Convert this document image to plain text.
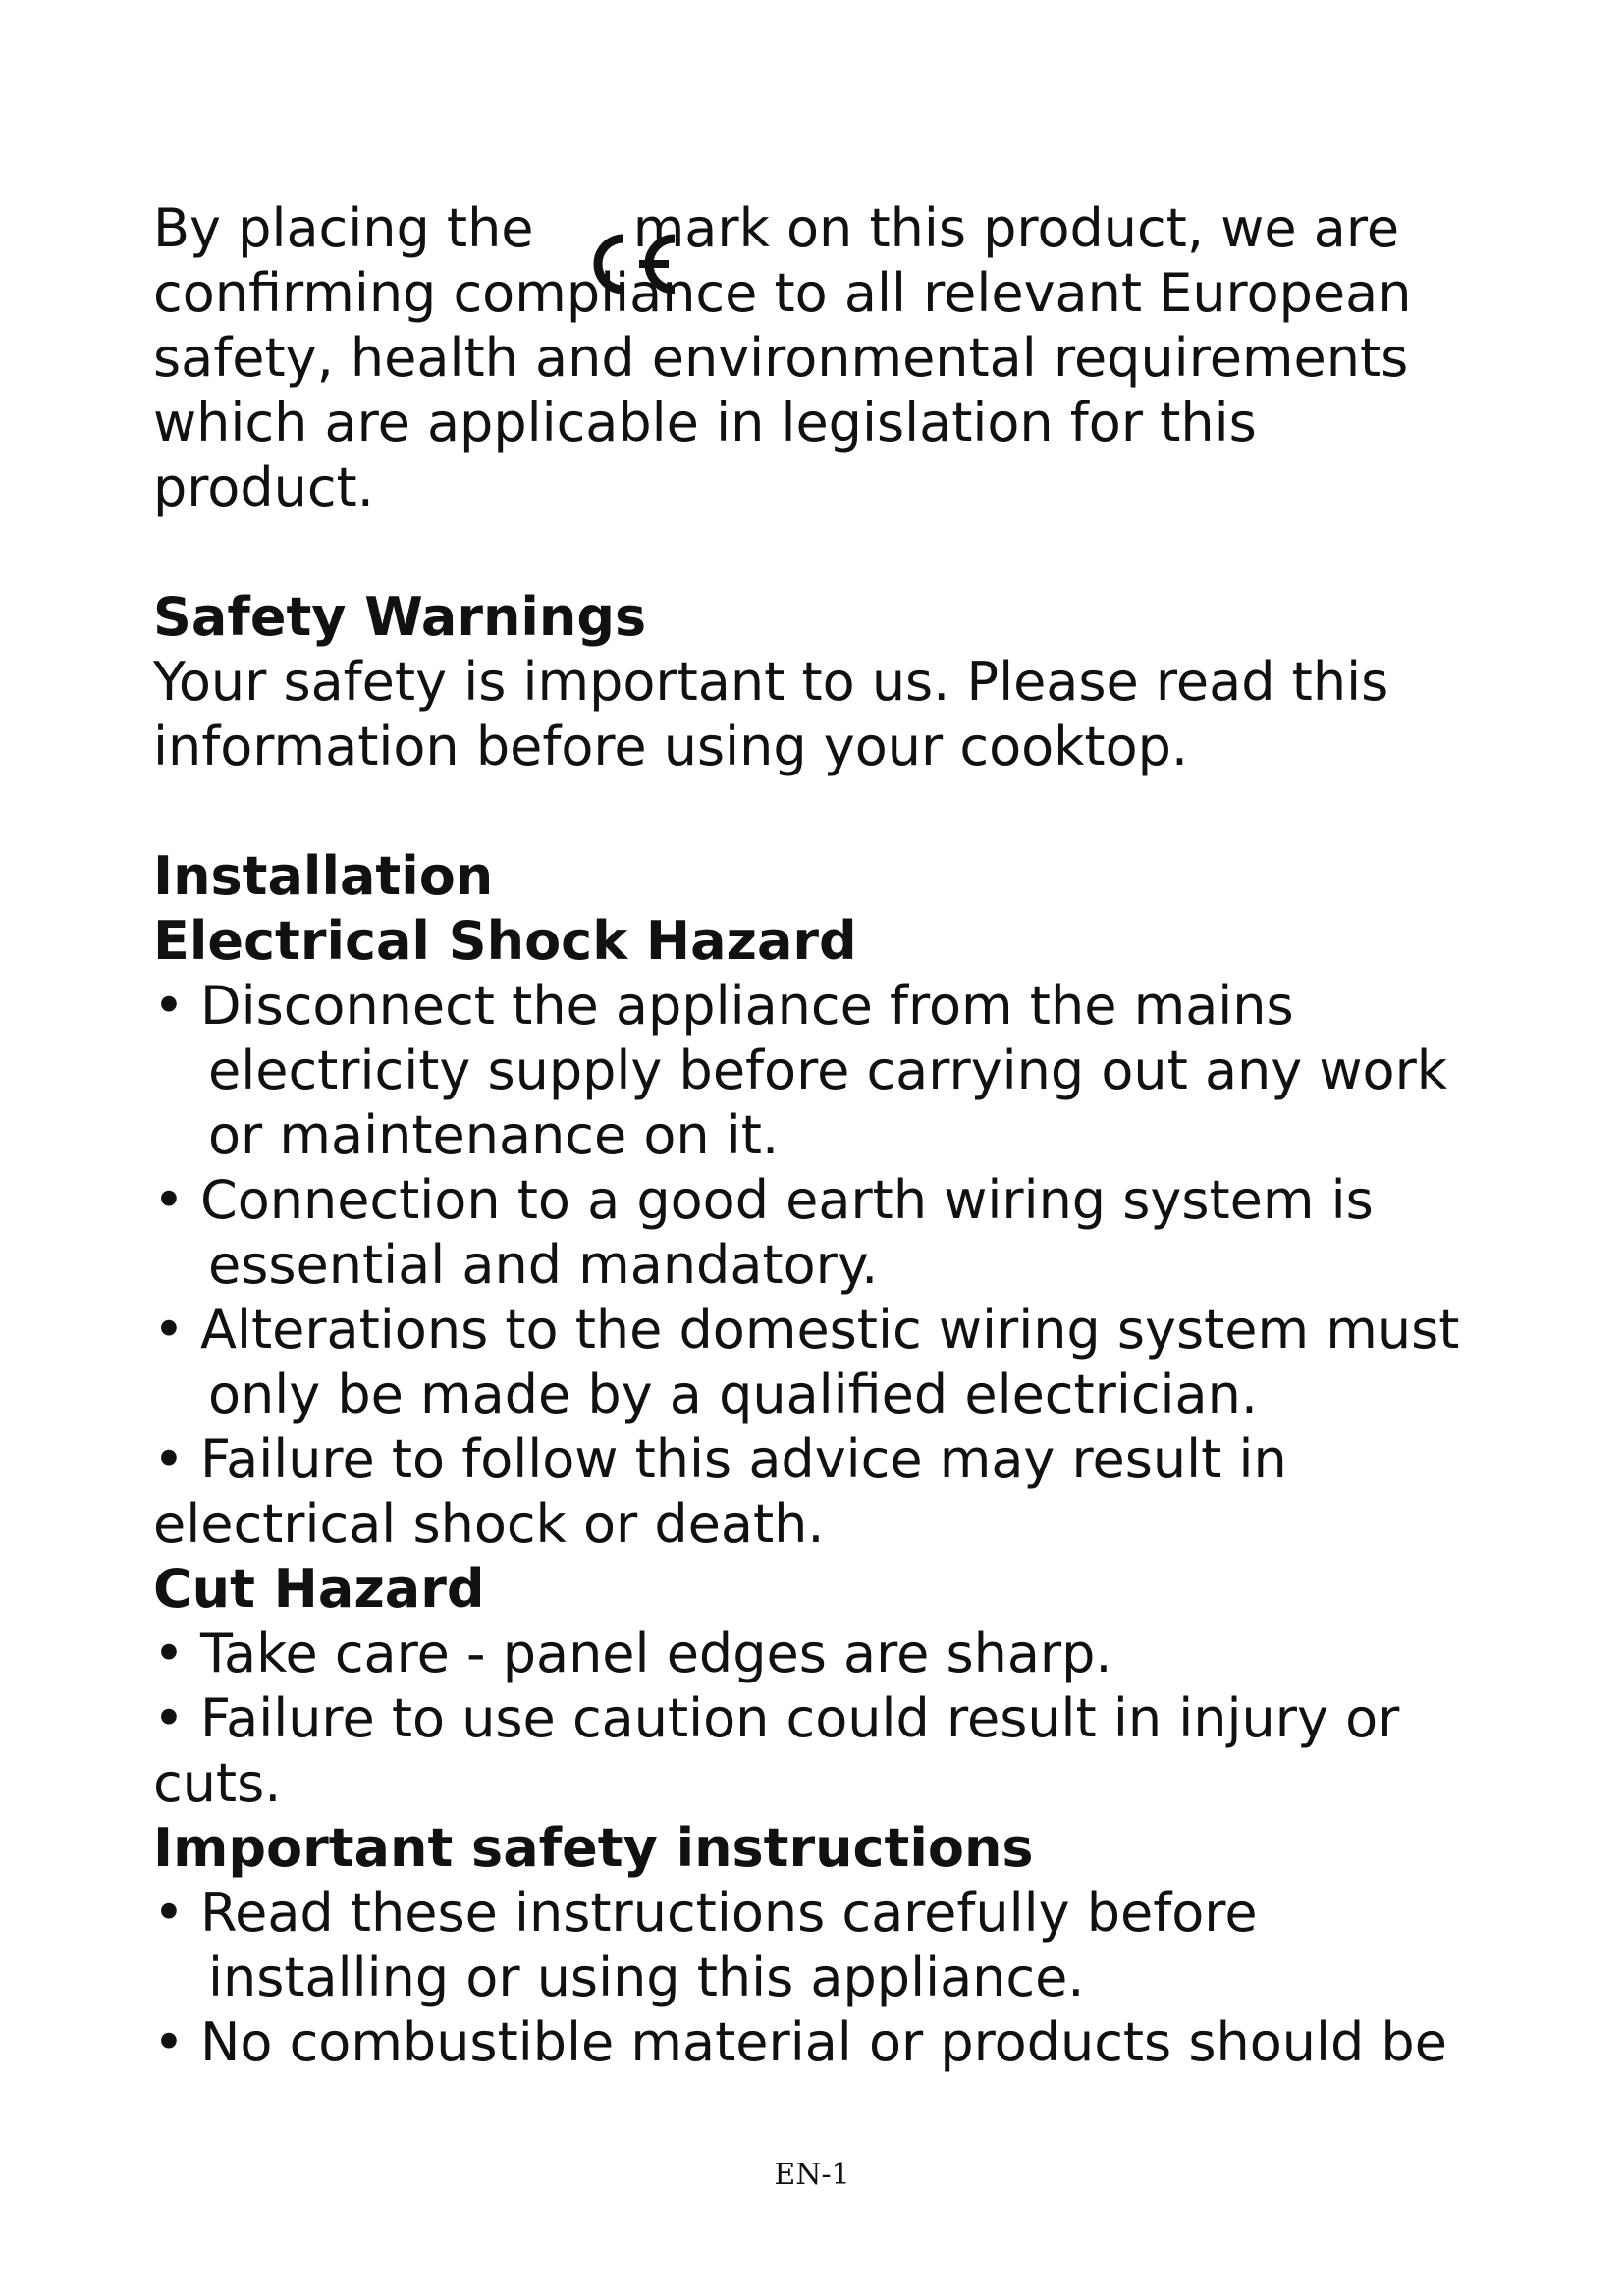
By placing the
mark on this product, we are

confirming compliance to all relevant European

safety, health and environmental requirements

which are applicable in legislation for this

product.

Safety Warnings

Your safety is important to us. Please read this

information before using your cooktop.

Installation

Electrical Shock Hazard

• Disconnect the appliance from the mains

electricity supply before carrying out any work

or maintenance on it.

• Connection to a good earth wiring system is

essential and mandatory.

• Alterations to the domestic wiring system must

only be made by a qualified electrician.

• Failure to follow this advice may result in

electrical shock or death.

Cut Hazard

• Take care - panel edges are sharp.

• Failure to use caution could result in injury or

cuts.

Important safety instructions

• Read these instructions carefully before

installing or using this appliance.

• No combustible material or products should be

EN-1
